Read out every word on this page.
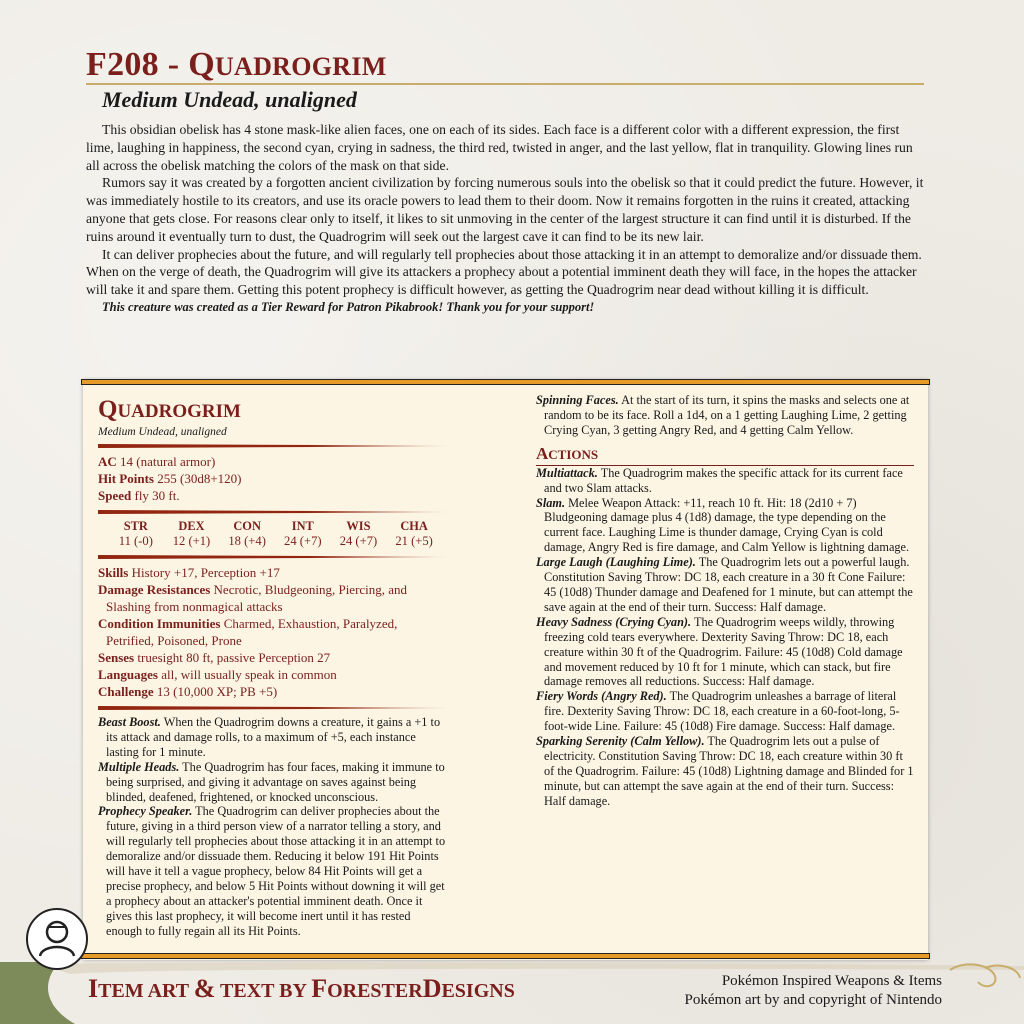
F208 - QUADROGRIM
Medium Undead, unaligned

This obsidian obelisk has 4 stone mask-like alien faces, one on each of its sides. Each face is a different color with a different expression, the first lime, laughing in happiness, the second cyan, crying in sadness, the third red, twisted in anger, and the last yellow, flat in tranquility. Glowing lines run all across the obelisk matching the colors of the mask on that side.

Rumors say it was created by a forgotten ancient civilization by forcing numerous souls into the obelisk so that it could predict the future. However, it was immediately hostile to its creators, and use its oracle powers to lead them to their doom. Now it remains forgotten in the ruins it created, attacking anyone that gets close. For reasons clear only to itself, it likes to sit unmoving in the center of the largest structure it can find until it is disturbed. If the ruins around it eventually turn to dust, the Quadrogrim will seek out the largest cave it can find to be its new lair.

It can deliver prophecies about the future, and will regularly tell prophecies about those attacking it in an attempt to demoralize and/or dissuade them. When on the verge of death, the Quadrogrim will give its attackers a prophecy about a potential imminent death they will face, in the hopes the attacker will take it and spare them. Getting this potent prophecy is difficult however, as getting the Quadrogrim near dead without killing it is difficult.

This creature was created as a Tier Reward for Patron Pikabrook! Thank you for your support!

QUADROGRIM
Medium Undead, unaligned
AC 14 (natural armor)
Hit Points 255 (30d8+120)
Speed fly 30 ft.
STR
11 (-0)
DEX
12 (+1)
CON
18 (+4)
INT
24 (+7)
WIS
24 (+7)
CHA
21 (+5)
Skills History +17, Perception +17
Damage Resistances Necrotic, Bludgeoning, Piercing, and
Slashing from nonmagical attacks
Condition Immunities Charmed, Exhaustion, Paralyzed,
Petrified, Poisoned, Prone
Senses truesight 80 ft, passive Perception 27
Languages all, will usually speak in common
Challenge 13 (10,000 XP; PB +5)

Beast Boost. When the Quadrogrim downs a creature, it gains a +1 to its attack and damage rolls, to a maximum of +5, each instance lasting for 1 minute.

Multiple Heads. The Quadrogrim has four faces, making it immune to being surprised, and giving it advantage on saves against being blinded, deafened, frightened, or knocked unconscious.

Prophecy Speaker. The Quadrogrim can deliver prophecies about the future, giving in a third person view of a narrator telling a story, and will regularly tell prophecies about those attacking it in an attempt to demoralize and/or dissuade them. Reducing it below 191 Hit Points will have it tell a vague prophecy, below 84 Hit Points will get a precise prophecy, and below 5 Hit Points without downing it will get a prophecy about an attacker's potential imminent death. Once it gives this last prophecy, it will become inert until it has rested enough to fully regain all its Hit Points.

Spinning Faces. At the start of its turn, it spins the masks and selects one at random to be its face. Roll a 1d4, on a 1 getting Laughing Lime, 2 getting Crying Cyan, 3 getting Angry Red, and 4 getting Calm Yellow.

ACTIONS

Multiattack. The Quadrogrim makes the specific attack for its current face and two Slam attacks.

Slam. Melee Weapon Attack: +11, reach 10 ft. Hit: 18 (2d10 + 7) Bludgeoning damage plus 4 (1d8) damage, the type depending on the current face. Laughing Lime is thunder damage, Crying Cyan is cold damage, Angry Red is fire damage, and Calm Yellow is lightning damage.

Large Laugh (Laughing Lime). The Quadrogrim lets out a powerful laugh. Constitution Saving Throw: DC 18, each creature in a 30 ft Cone Failure: 45 (10d8) Thunder damage and Deafened for 1 minute, but can attempt the save again at the end of their turn. Success: Half damage.

Heavy Sadness (Crying Cyan). The Quadrogrim weeps wildly, throwing freezing cold tears everywhere. Dexterity Saving Throw: DC 18, each creature within 30 ft of the Quadrogrim. Failure: 45 (10d8) Cold damage and movement reduced by 10 ft for 1 minute, which can stack, but fire damage removes all reductions. Success: Half damage.

Fiery Words (Angry Red). The Quadrogrim unleashes a barrage of literal fire. Dexterity Saving Throw: DC 18, each creature in a 60-foot-long, 5-foot-wide Line. Failure: 45 (10d8) Fire damage. Success: Half damage.

Sparking Serenity (Calm Yellow). The Quadrogrim lets out a pulse of electricity. Constitution Saving Throw: DC 18, each creature within 30 ft of the Quadrogrim. Failure: 45 (10d8) Lightning damage and Blinded for 1 minute, but can attempt the save again at the end of their turn. Success: Half damage.

ITEM ART & TEXT BY FORESTERDESIGNS	Pokémon Inspired Weapons & Items
Pokémon art by and copyright of Nintendo
